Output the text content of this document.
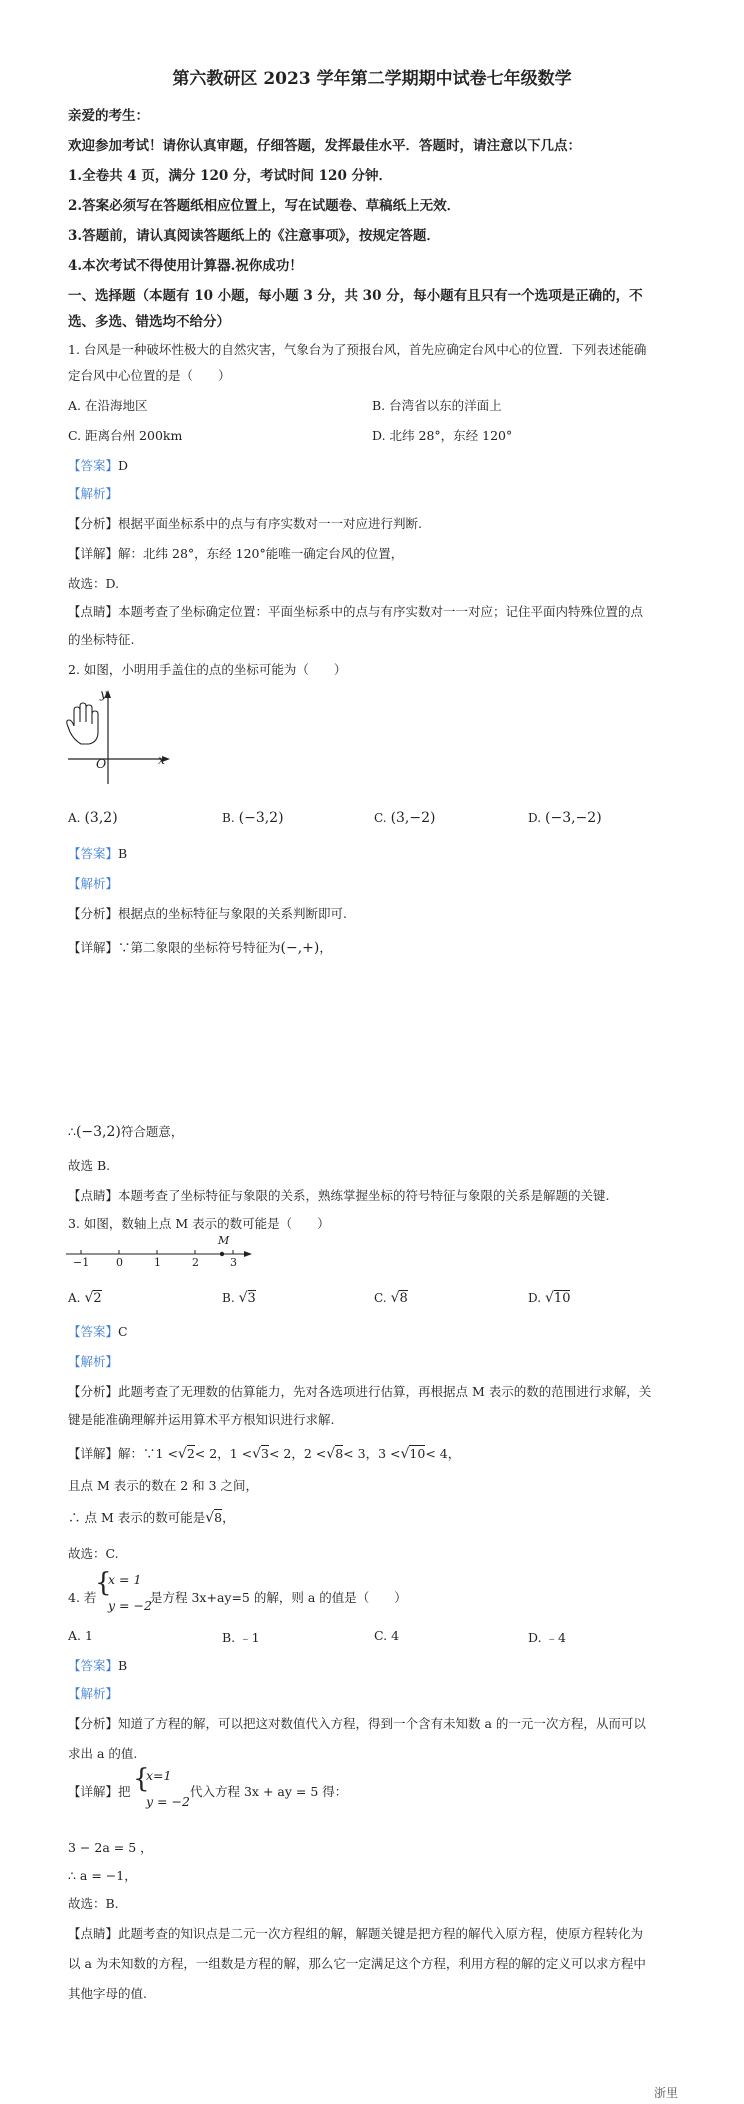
第六教研区 2023 学年第二学期期中试卷七年级数学
亲爱的考生：
欢迎参加考试！请你认真审题，仔细答题，发挥最佳水平．答题时，请注意以下几点：
1.全卷共 4 页，满分 120 分，考试时间 120 分钟．
2.答案必须写在答题纸相应位置上，写在试题卷、草稿纸上无效．
3.答题前，请认真阅读答题纸上的《注意事项》，按规定答题．
4.本次考试不得使用计算器.祝你成功！
一、选择题（本题有 10 小题，每小题 3 分，共 30 分，每小题有且只有一个选项是正确的，不
选、多选、错选均不给分）
1. 台风是一种破坏性极大的自然灾害，气象台为了预报台风，首先应确定台风中心的位置．下列表述能确
定台风中心位置的是（　　）
A. 在沿海地区	B. 台湾省以东的洋面上
C. 距离台州 200km	D. 北纬 28°，东经 120°
【答案】D
【解析】
【分析】根据平面坐标系中的点与有序实数对一一对应进行判断.
【详解】解：北纬 28°，东经 120°能唯一确定台风的位置，
故选：D.
【点睛】本题考查了坐标确定位置：平面坐标系中的点与有序实数对一一对应；记住平面内特殊位置的点
的坐标特征.
2. 如图，小明用手盖住的点的坐标可能为（　　）
y
x
O
A. (3,2)	B. (−3,2)	C. (3,−2)	D. (−3,−2)
【答案】B
【解析】
【分析】根据点的坐标特征与象限的关系判断即可.
【详解】∵第二象限的坐标符号特征为(−,+)，
∴(−3,2)符合题意，
故选 B.
【点睛】本题考查了坐标特征与象限的关系，熟练掌握坐标的符号特征与象限的关系是解题的关键.
3. 如图，数轴上点 M 表示的数可能是（　　）
M
−1 0	1	2	3
A. √2	B. √3	C. √8	D. √10
【答案】C
【解析】
【分析】此题考查了无理数的估算能力，先对各选项进行估算，再根据点 M 表示的数的范围进行求解，关
键是能准确理解并运用算术平方根知识进行求解.
【详解】解：∵1 <√2< 2，1 <√3< 2，2 <√8< 3，3 <√10< 4，
且点 M 表示的数在 2 和 3 之间，
∴ 点 M 表示的数可能是√8，
故选：C.
4. 若
{
x = 1
y = −2
是方程 3x+ay=5 的解，则 a 的值是（　　）
A. 1	B. ﹣1	C. 4	D. ﹣4
【答案】B
【解析】
【分析】知道了方程的解，可以把这对数值代入方程，得到一个含有未知数 a 的一元一次方程，从而可以
求出 a 的值.
【详解】把 {
x=1
y = −2
代入方程 3x + ay = 5 得：
3 − 2a = 5 ，
∴ a = −1，
故选：B.
【点睛】此题考查的知识点是二元一次方程组的解，解题关键是把方程的解代入原方程，使原方程转化为
以 a 为未知数的方程，一组数是方程的解，那么它一定满足这个方程，利用方程的解的定义可以求方程中
其他字母的值.
浙里
